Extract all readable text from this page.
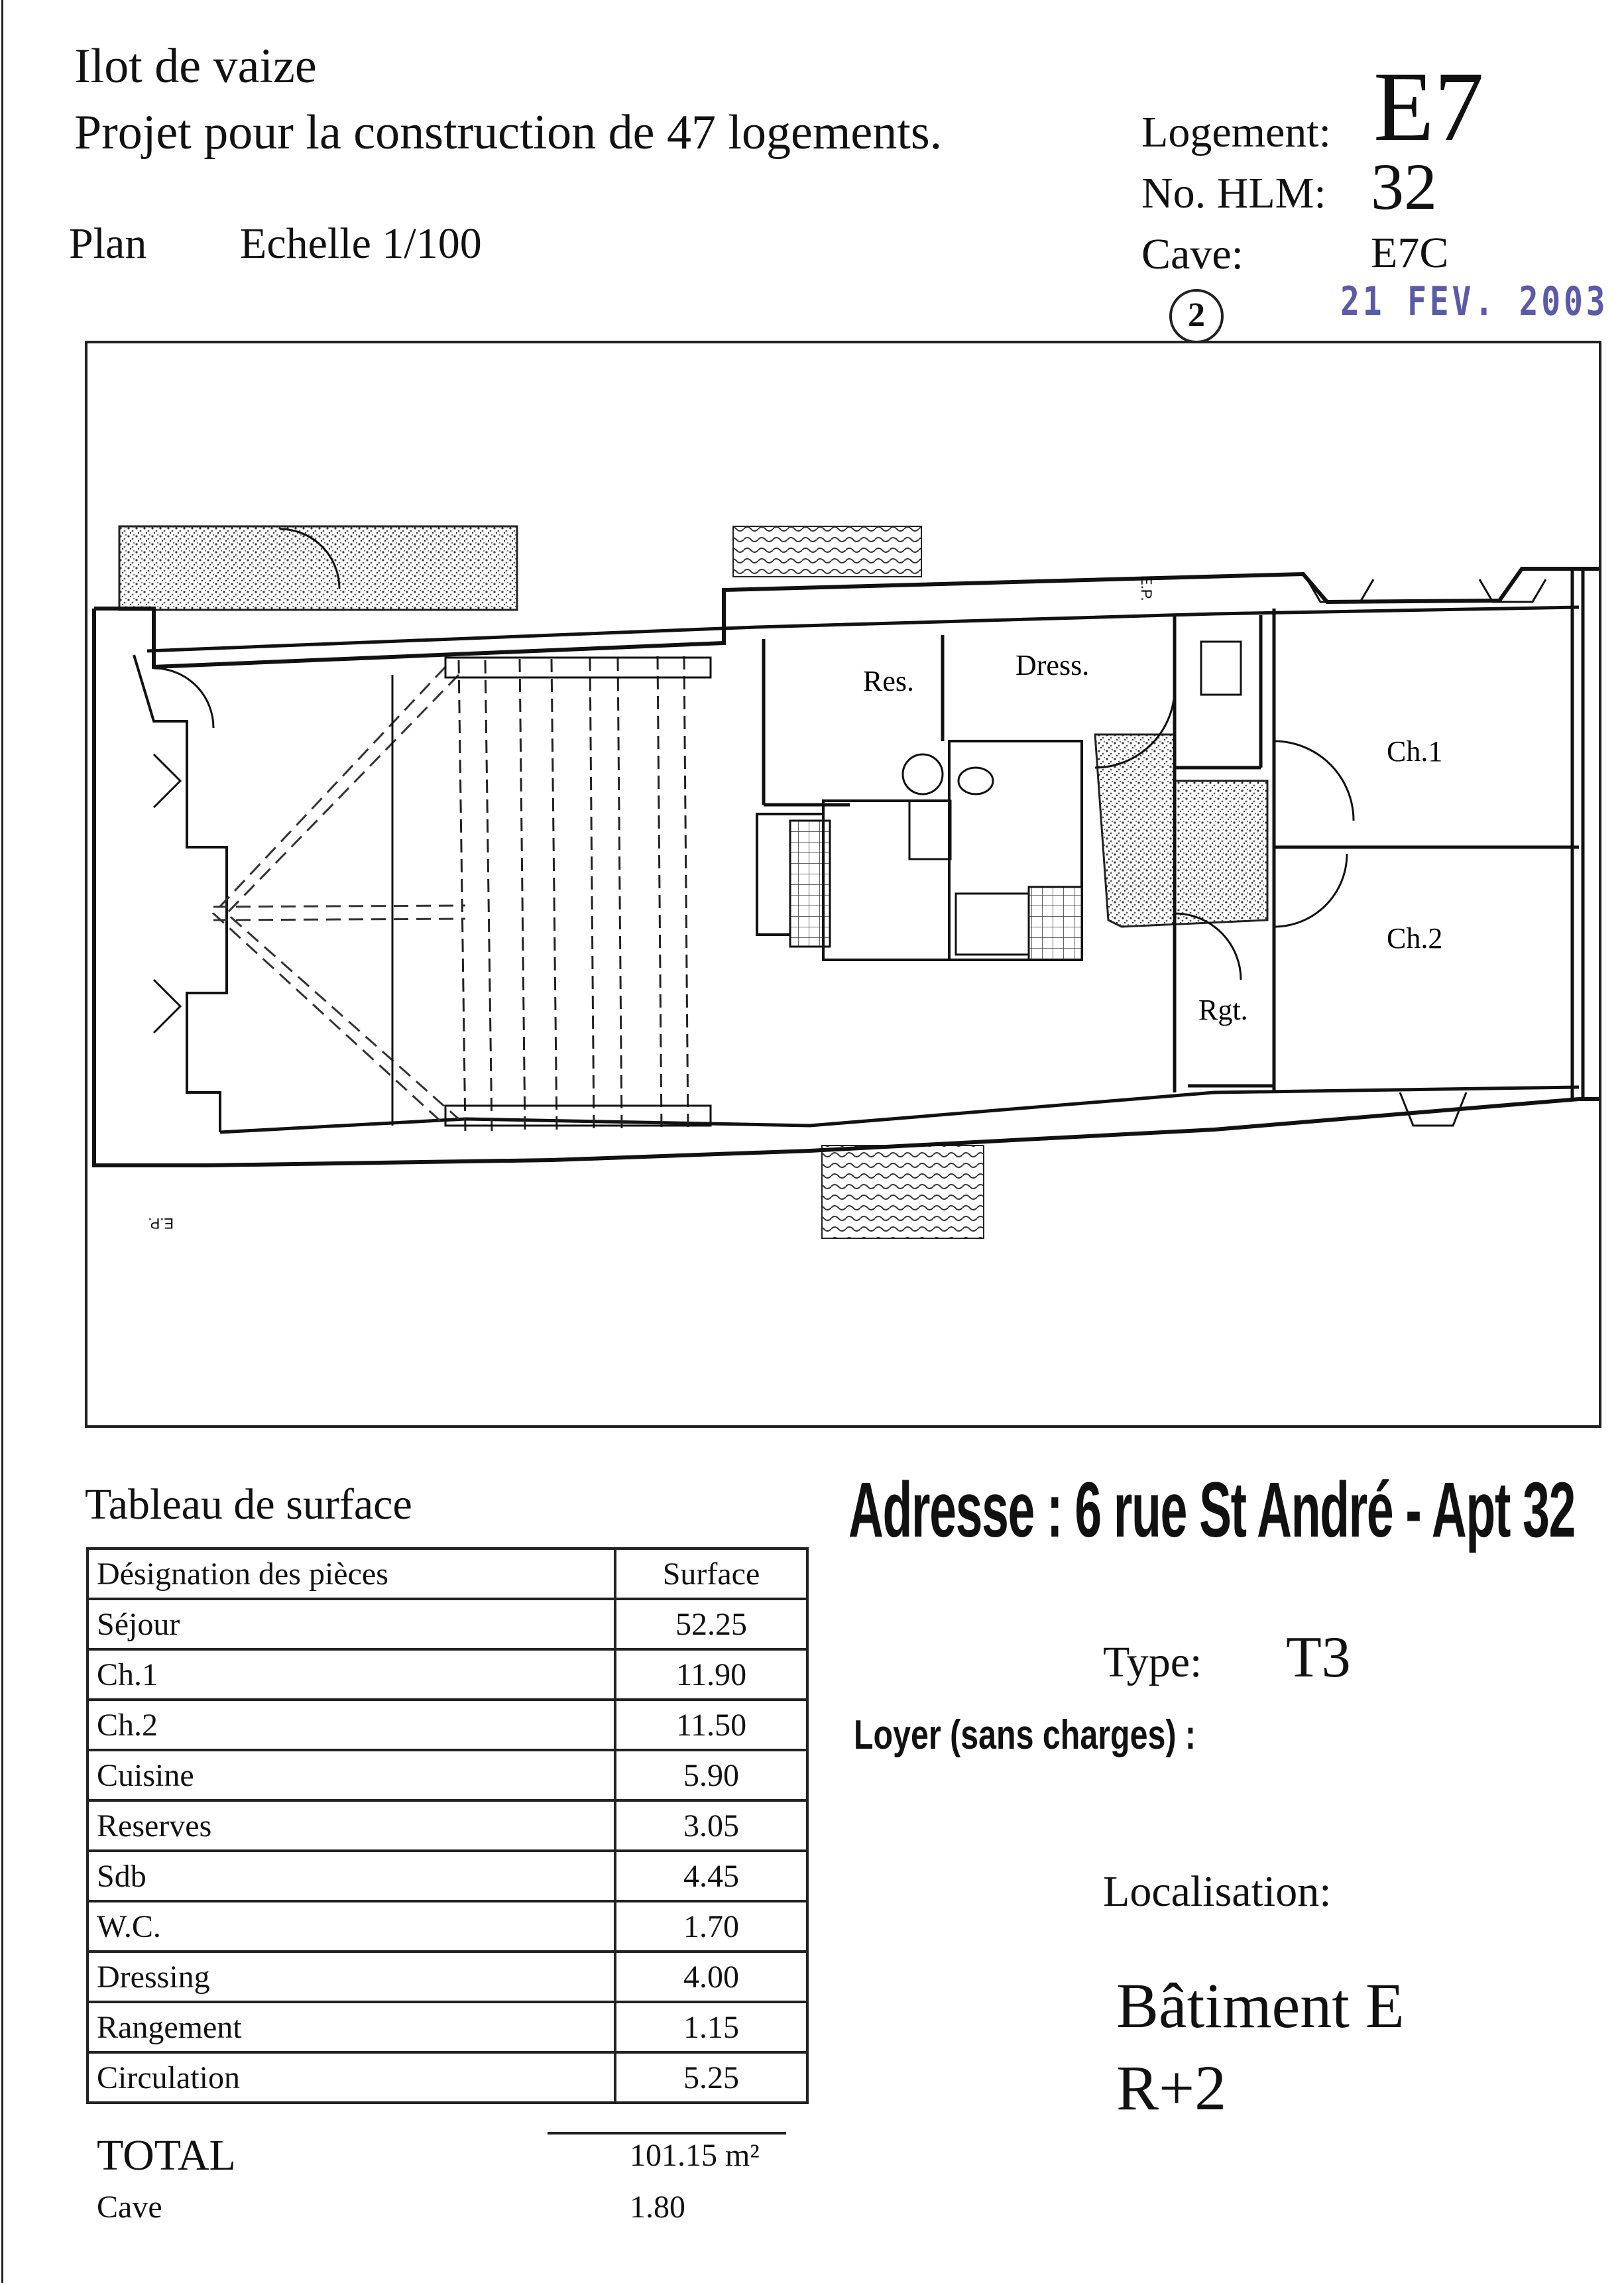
Ilot de vaize
Projet pour la construction de 47 logements.
Plan Echelle 1/100
Logement: E7
No. HLM: 32
Cave:	E7C
2	21 FEV. 2003
Res.	Dress.
Ch.1
Ch.2
Rgt.
E.P.
E.P.
Tableau de surface
Désignation des pièces	Surface
Séjour	52.25
Ch.1	11.90
Ch.2	11.50
Cuisine	5.90
Reserves	3.05
Sdb	4.45
W.C.	1.70
Dressing	4.00
Rangement	1.15
Circulation	5.25
TOTAL	101.15 m²
Cave	1.80
Adresse : 6 rue St André - Apt 32
Type: T3
Loyer (sans charges) :
Localisation:
Bâtiment E
R+2
